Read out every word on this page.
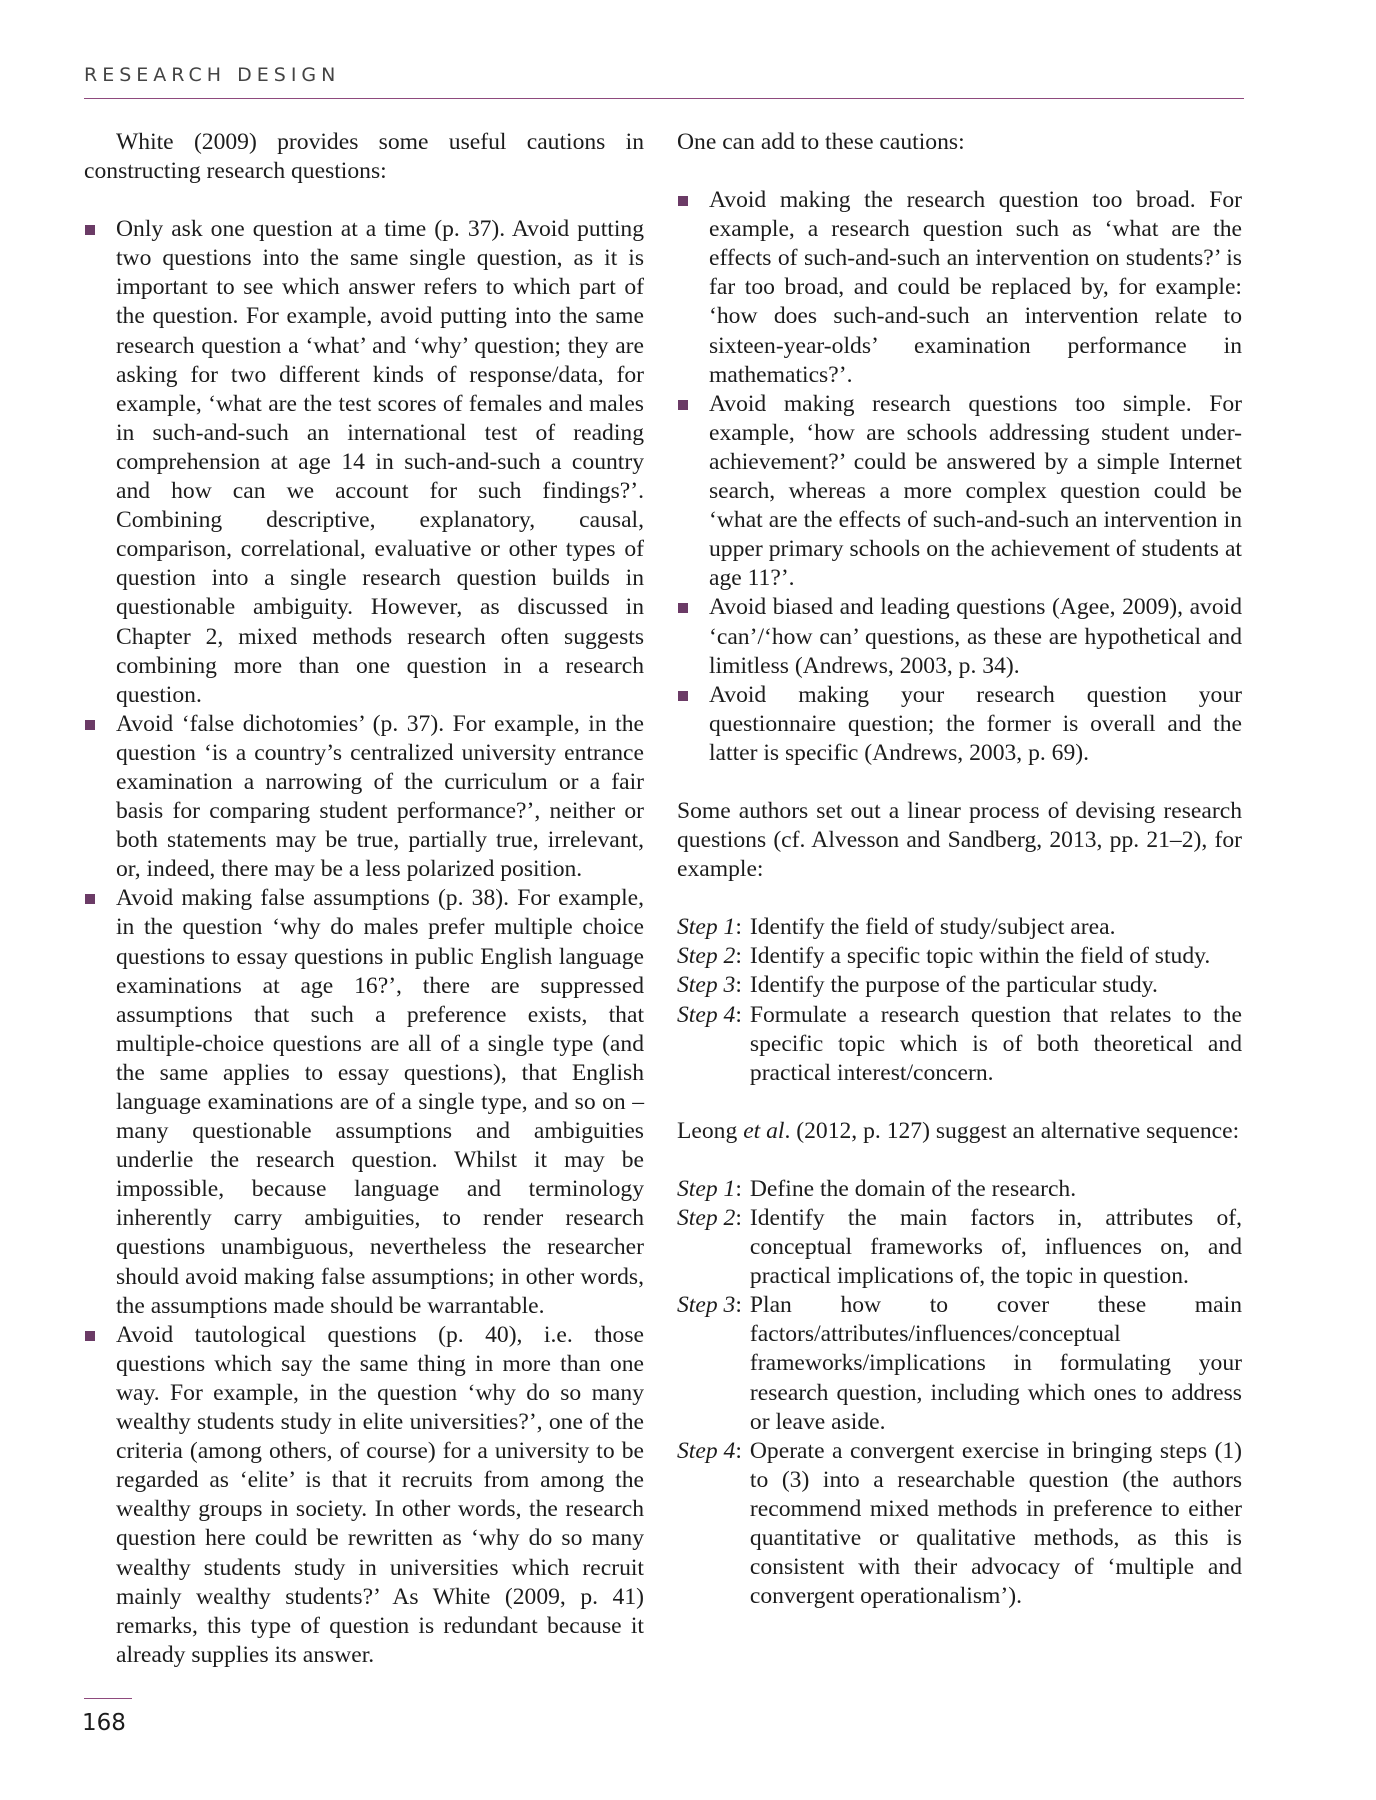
RESEARCH DESIGN

White (2009) provides some useful cautions in constructing research questions:

Only ask one question at a time (p. 37). Avoid putting two questions into the same single question, as it is important to see which answer refers to which part of the question. For example, avoid putting into the same research question a ‘what’ and ‘why’ question; they are asking for two different kinds of response/data, for example, ‘what are the test scores of females and males in such-and-such an international test of reading comprehension at age 14 in such-and-such a country and how can we account for such findings?’. Combining descriptive, explanatory, causal, comparison, correlational, evaluative or other types of question into a single research question builds in questionable ambiguity. However, as discussed in Chapter 2, mixed methods research often suggests combining more than one question in a research question.
Avoid ‘false dichotomies’ (p. 37). For example, in the question ‘is a country’s centralized university entrance examination a narrowing of the curriculum or a fair basis for comparing student performance?’, neither or both statements may be true, partially true, irrelevant, or, indeed, there may be a less polarized position.
Avoid making false assumptions (p. 38). For example, in the question ‘why do males prefer multiple choice questions to essay questions in public English language examinations at age 16?’, there are suppressed assumptions that such a preference exists, that multiple-choice questions are all of a single type (and the same applies to essay questions), that English language examinations are of a single type, and so on – many questionable assumptions and ambiguities underlie the research question. Whilst it may be impossible, because language and terminology inherently carry ambiguities, to render research questions unambiguous, nevertheless the researcher should avoid making false assumptions; in other words, the assumptions made should be warrantable.
Avoid tautological questions (p. 40), i.e. those questions which say the same thing in more than one way. For example, in the question ‘why do so many wealthy students study in elite universities?’, one of the criteria (among others, of course) for a university to be regarded as ‘elite’ is that it recruits from among the wealthy groups in society. In other words, the research question here could be rewritten as ‘why do so many wealthy students study in universities which recruit mainly wealthy students?’ As White (2009, p. 41) remarks, this type of question is redundant because it already supplies its answer.

One can add to these cautions:

Avoid making the research question too broad. For example, a research question such as ‘what are the effects of such-and-such an intervention on students?’ is far too broad, and could be replaced by, for example: ‘how does such-and-such an intervention relate to sixteen-year-olds’ examination performance in mathematics?’.
Avoid making research questions too simple. For example, ‘how are schools addressing student under-achievement?’ could be answered by a simple Internet search, whereas a more complex question could be ‘what are the effects of such-and-such an intervention in upper primary schools on the achievement of students at age 11?’.
Avoid biased and leading questions (Agee, 2009), avoid ‘can’/‘how can’ questions, as these are hypothetical and limitless (Andrews, 2003, p. 34).
Avoid making your research question your questionnaire question; the former is overall and the latter is specific (Andrews, 2003, p. 69).

Some authors set out a linear process of devising research questions (cf. Alvesson and Sandberg, 2013, pp. 21–2), for example:

Step 1: Identify the field of study/subject area.
Step 2: Identify a specific topic within the field of study.
Step 3: Identify the purpose of the particular study.
Step 4: Formulate a research question that relates to the specific topic which is of both theoretical and practical interest/concern.

Leong et al. (2012, p. 127) suggest an alternative sequence:

Step 1: Define the domain of the research.
Step 2: Identify the main factors in, attributes of, conceptual frameworks of, influences on, and practical implications of, the topic in question.
Step 3: Plan how to cover these main factors/attributes/influences/conceptual frameworks/implications in formulating your research question, including which ones to address or leave aside.
Step 4: Operate a convergent exercise in bringing steps (1) to (3) into a researchable question (the authors recommend mixed methods in preference to either quantitative or qualitative methods, as this is consistent with their advocacy of ‘multiple and convergent operationalism’).

168
